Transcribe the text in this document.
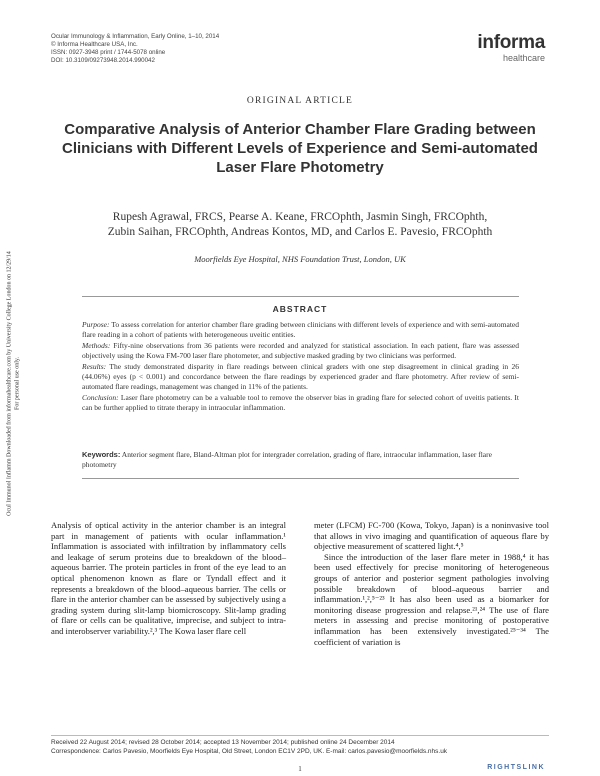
Ocular Immunology & Inflammation, Early Online, 1–10, 2014
© Informa Healthcare USA, Inc.
ISSN: 0927-3948 print / 1744-5078 online
DOI: 10.3109/09273948.2014.990042
informa
healthcare
ORIGINAL ARTICLE
Comparative Analysis of Anterior Chamber Flare Grading between Clinicians with Different Levels of Experience and Semi-automated Laser Flare Photometry
Rupesh Agrawal, FRCS, Pearse A. Keane, FRCOphth, Jasmin Singh, FRCOphth,
Zubin Saihan, FRCOphth, Andreas Kontos, MD, and Carlos E. Pavesio, FRCOphth
Moorfields Eye Hospital, NHS Foundation Trust, London, UK
ABSTRACT

Purpose: To assess correlation for anterior chamber flare grading between clinicians with different levels of experience and with semi-automated flare reading in a cohort of patients with heterogeneous uveitic entities.

Methods: Fifty-nine observations from 36 patients were recorded and analyzed for statistical association. In each patient, flare was assessed objectively using the Kowa FM-700 laser flare photometer, and subjective masked grading by two clinicians was performed.

Results: The study demonstrated disparity in flare readings between clinical graders with one step disagreement in clinical grading in 26 (44.06%) eyes (p < 0.001) and concordance between the flare readings by experienced grader and flare photometry. After review of semi-automated flare readings, management was changed in 11% of the patients.

Conclusion: Laser flare photometry can be a valuable tool to remove the observer bias in grading flare for selected cohort of uveitis patients. It can be further applied to titrate therapy in intraocular inflammation.

Keywords: Anterior segment flare, Bland-Altman plot for intergrader correlation, grading of flare, intraocular inflammation, laser flare photometry

Analysis of optical activity in the anterior chamber is an integral part in management of patients with ocular inflammation.¹ Inflammation is associated with infiltration by inflammatory cells and leakage of serum proteins due to breakdown of the blood–aqueous barrier. The protein particles in front of the eye lead to an optical phenomenon known as flare or Tyndall effect and it represents a breakdown of the blood–aqueous barrier. The cells or flare in the anterior chamber can be assessed by subjectively using a grading system during slit-lamp biomicroscopy. Slit-lamp grading of flare or cells can be qualitative, imprecise, and subject to intra- and interobserver variability.²,³ The Kowa laser flare cell

meter (LFCM) FC-700 (Kowa, Tokyo, Japan) is a noninvasive tool that allows in vivo imaging and quantification of aqueous flare by objective measurement of scattered light.⁴,⁵

Since the introduction of the laser flare meter in 1988,⁴ it has been used effectively for precise monitoring of heterogeneous groups of anterior and posterior segment pathologies involving possible breakdown of blood–aqueous barrier and inflammation.¹,²,⁵⁻²³ It has also been used as a biomarker for monitoring disease progression and relapse.²¹,²⁴ The use of flare meters in assessing and precise monitoring of postoperative inflammation has been extensively investigated.²⁵⁻³⁴ The coefficient of variation is

Received 22 August 2014; revised 28 October 2014; accepted 13 November 2014; published online 24 December 2014
Correspondence: Carlos Pavesio, Moorfields Eye Hospital, Old Street, London EC1V 2PD, UK. E-mail: carlos.pavesio@moorfields.nhs.uk
1	RIGHTSLINK
Ocul Immunol Inflamm Downloaded from informahealthcare.com by University College London on 12/29/14 For personal use only.
